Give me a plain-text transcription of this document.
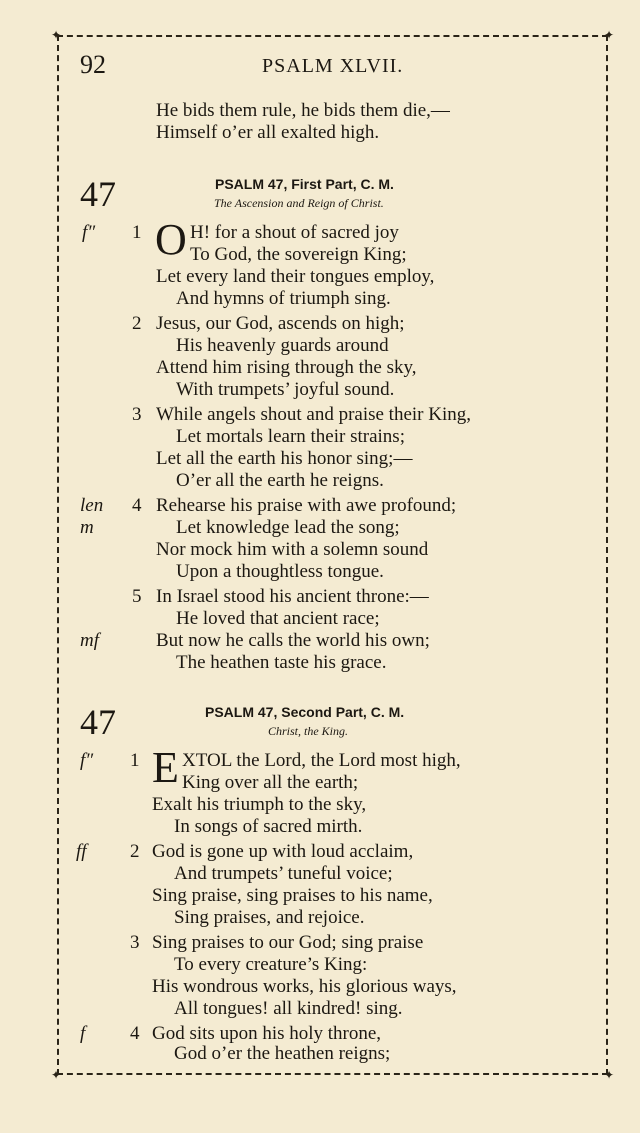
✦	✦
✦	✦
92	PSALM XLVII.
He bids them rule, he bids them die,—
Himself o’er all exalted high.
47	PSALM 47, First Part, C. M.
The Ascension and Reign of Christ.
f″ 1 O H! for a shout of sacred joy
To God, the sovereign King;
Let every land their tongues employ,
And hymns of triumph sing.
2 Jesus, our God, ascends on high;
His heavenly guards around
Attend him rising through the sky,
With trumpets’ joyful sound.
3 While angels shout and praise their King,
Let mortals learn their strains;
Let all the earth his honor sing;—
O’er all the earth he reigns.
len
m
4 Rehearse his praise with awe profound;
Let knowledge lead the song;
Nor mock him with a solemn sound
Upon a thoughtless tongue.
5 In Israel stood his ancient throne:—
He loved that ancient race;
mf	But now he calls the world his own;
The heathen taste his grace.
47	PSALM 47, Second Part, C. M.
Christ, the King.
f″ 1 E XTOL the Lord, the Lord most high,
King over all the earth;
Exalt his triumph to the sky,
In songs of sacred mirth.
ff 2 God is gone up with loud acclaim,
And trumpets’ tuneful voice;
Sing praise, sing praises to his name,
Sing praises, and rejoice.
3 Sing praises to our God; sing praise
To every creature’s King:
His wondrous works, his glorious ways,
All tongues! all kindred! sing.
f 4 God sits upon his holy throne,
God o’er the heathen reigns;
